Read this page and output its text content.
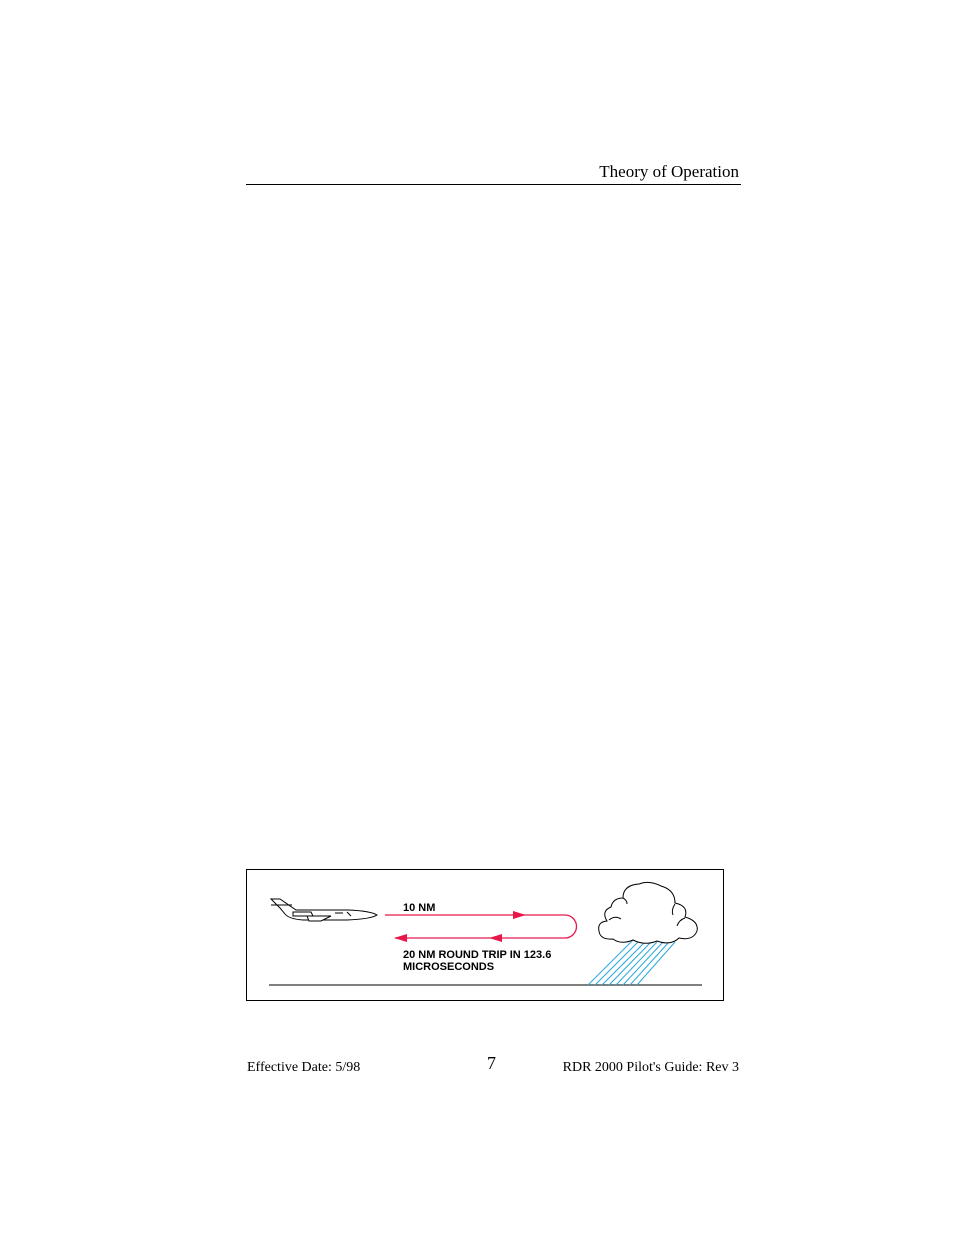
Theory of Operation
10 NM
20 NM ROUND TRIP IN 123.6
MICROSECONDS
Effective Date: 5/98	7	RDR 2000 Pilot's Guide: Rev 3
